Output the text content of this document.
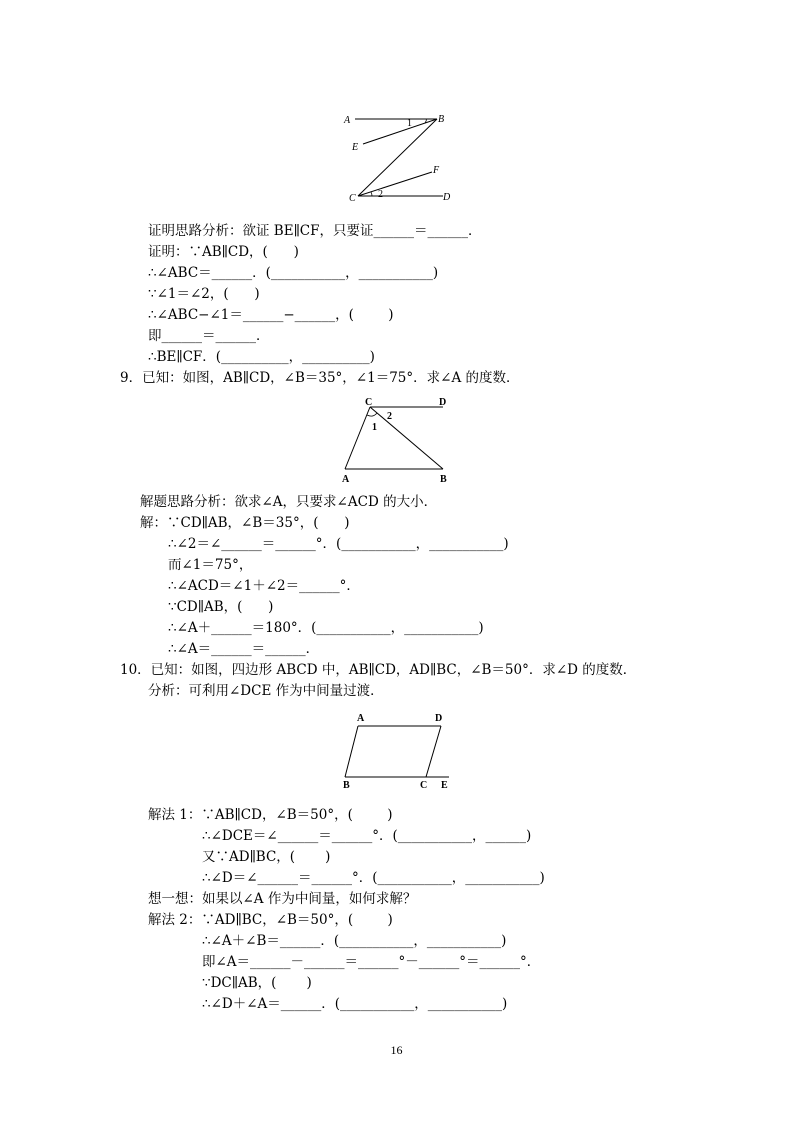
A	B
E
F
C	D
1
2
C	D
A	B
1
2
A	D
B	C E
证明思路分析：欲证 BE∥CF，只要证______＝______．
证明：∵AB∥CD，(      )
∴∠ABC＝______．(___________，___________)
∵∠1＝∠2，(      )
∴∠ABC−∠1＝______−______，(        )
即______＝______．
∴BE∥CF．(__________，__________)
9．已知：如图，AB∥CD，∠B＝35°，∠1＝75°．求∠A 的度数．
解题思路分析：欲求∠A，只要求∠ACD 的大小．
解：∵CD∥AB，∠B＝35°，(      )
∴∠2＝∠______＝______°．(___________，___________)
而∠1＝75°，
∴∠ACD＝∠1＋∠2＝______°．
∵CD∥AB，(      )
∴∠A＋______＝180°．(___________，___________)
∴∠A＝______＝______．
10．已知：如图，四边形 ABCD 中，AB∥CD，AD∥BC，∠B＝50°．求∠D 的度数．
分析：可利用∠DCE 作为中间量过渡．
解法 1：∵AB∥CD，∠B＝50°，(        )
∴∠DCE＝∠______＝______°．(___________，______)
又∵AD∥BC，(       )
∴∠D＝∠______＝______°．(___________，___________)
想一想：如果以∠A 作为中间量，如何求解？
解法 2：∵AD∥BC，∠B＝50°，(        )
∴∠A＋∠B＝______．(___________，___________)
即∠A＝______－______＝______°－______°＝______°．
∵DC∥AB，(       )
∴∠D＋∠A＝______．(___________，___________)
16
